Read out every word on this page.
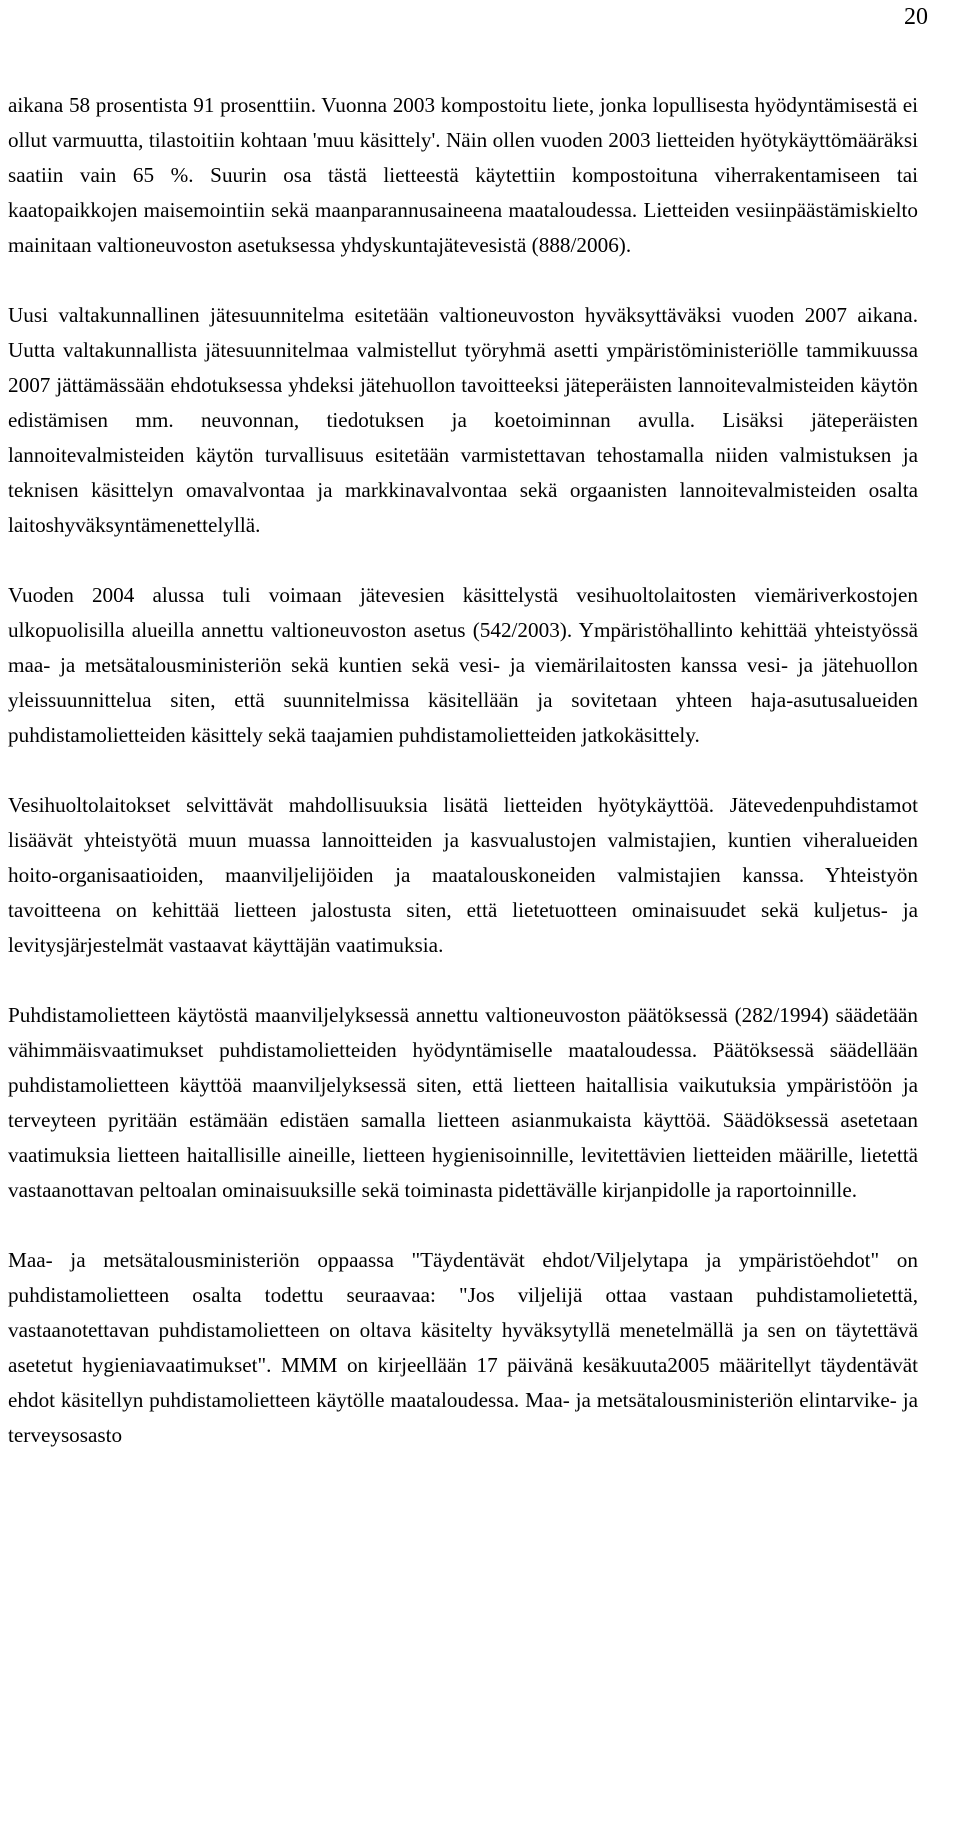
20

aikana 58 prosentista 91 prosenttiin. Vuonna 2003 kompostoitu liete, jonka lopullisesta hyödyntämisestä ei ollut varmuutta, tilastoitiin kohtaan 'muu käsittely'. Näin ollen vuoden 2003 lietteiden hyötykäyttömääräksi saatiin vain 65 %. Suurin osa tästä lietteestä käytettiin kompostoituna viherrakentamiseen tai kaatopaikkojen maisemointiin sekä maanparannusaineena maataloudessa. Lietteiden vesiinpäästämiskielto mainitaan valtioneuvoston asetuksessa yhdyskuntajätevesistä (888/2006).

Uusi valtakunnallinen jätesuunnitelma esitetään valtioneuvoston hyväksyttäväksi vuoden 2007 aikana. Uutta valtakunnallista jätesuunnitelmaa valmistellut työryhmä asetti ympäristöministeriölle tammikuussa 2007 jättämässään ehdotuksessa yhdeksi jätehuollon tavoitteeksi jäteperäisten lannoitevalmisteiden käytön edistämisen mm. neuvonnan, tiedotuksen ja koetoiminnan avulla. Lisäksi jäteperäisten lannoitevalmisteiden käytön turvallisuus esitetään varmistettavan tehostamalla niiden valmistuksen ja teknisen käsittelyn omavalvontaa ja markkinavalvontaa sekä orgaanisten lannoitevalmisteiden osalta laitoshyväksyntämenettelyllä.

Vuoden 2004 alussa tuli voimaan jätevesien käsittelystä vesihuoltolaitosten viemäriverkostojen ulkopuolisilla alueilla annettu valtioneuvoston asetus (542/2003). Ympäristöhallinto kehittää yhteistyössä maa- ja metsätalousministeriön sekä kuntien sekä vesi- ja viemärilaitosten kanssa vesi- ja jätehuollon yleissuunnittelua siten, että suunnitelmissa käsitellään ja sovitetaan yhteen haja-asutusalueiden puhdistamolietteiden käsittely sekä taajamien puhdistamolietteiden jatkokäsittely.

Vesihuoltolaitokset selvittävät mahdollisuuksia lisätä lietteiden hyötykäyttöä. Jätevedenpuhdistamot lisäävät yhteistyötä muun muassa lannoitteiden ja kasvualustojen valmistajien, kuntien viheralueiden hoito-organisaatioiden, maanviljelijöiden ja maatalouskoneiden valmistajien kanssa. Yhteistyön tavoitteena on kehittää lietteen jalostusta siten, että lietetuotteen ominaisuudet sekä kuljetus- ja levitysjärjestelmät vastaavat käyttäjän vaatimuksia.

Puhdistamolietteen käytöstä maanviljelyksessä annettu valtioneuvoston päätöksessä (282/1994) säädetään vähimmäisvaatimukset puhdistamolietteiden hyödyntämiselle maataloudessa. Päätöksessä säädellään puhdistamolietteen käyttöä maanviljelyksessä siten, että lietteen haitallisia vaikutuksia ympäristöön ja terveyteen pyritään estämään edistäen samalla lietteen asianmukaista käyttöä. Säädöksessä asetetaan vaatimuksia lietteen haitallisille aineille, lietteen hygienisoinnille, levitettävien lietteiden määrille, lietettä vastaanottavan peltoalan ominaisuuksille sekä toiminasta pidettävälle kirjanpidolle ja raportoinnille.

Maa- ja metsätalousministeriön oppaassa "Täydentävät ehdot/Viljelytapa ja ympäristöehdot" on puhdistamolietteen osalta todettu seuraavaa: "Jos viljelijä ottaa vastaan puhdistamolietettä, vastaanotettavan puhdistamolietteen on oltava käsitelty hyväksytyllä menetelmällä ja sen on täytettävä asetetut hygieniavaatimukset". MMM on kirjeellään 17 päivänä kesäkuuta2005 määritellyt täydentävät ehdot käsitellyn puhdistamolietteen käytölle maataloudessa. Maa- ja metsätalousministeriön elintarvike- ja terveysosasto
